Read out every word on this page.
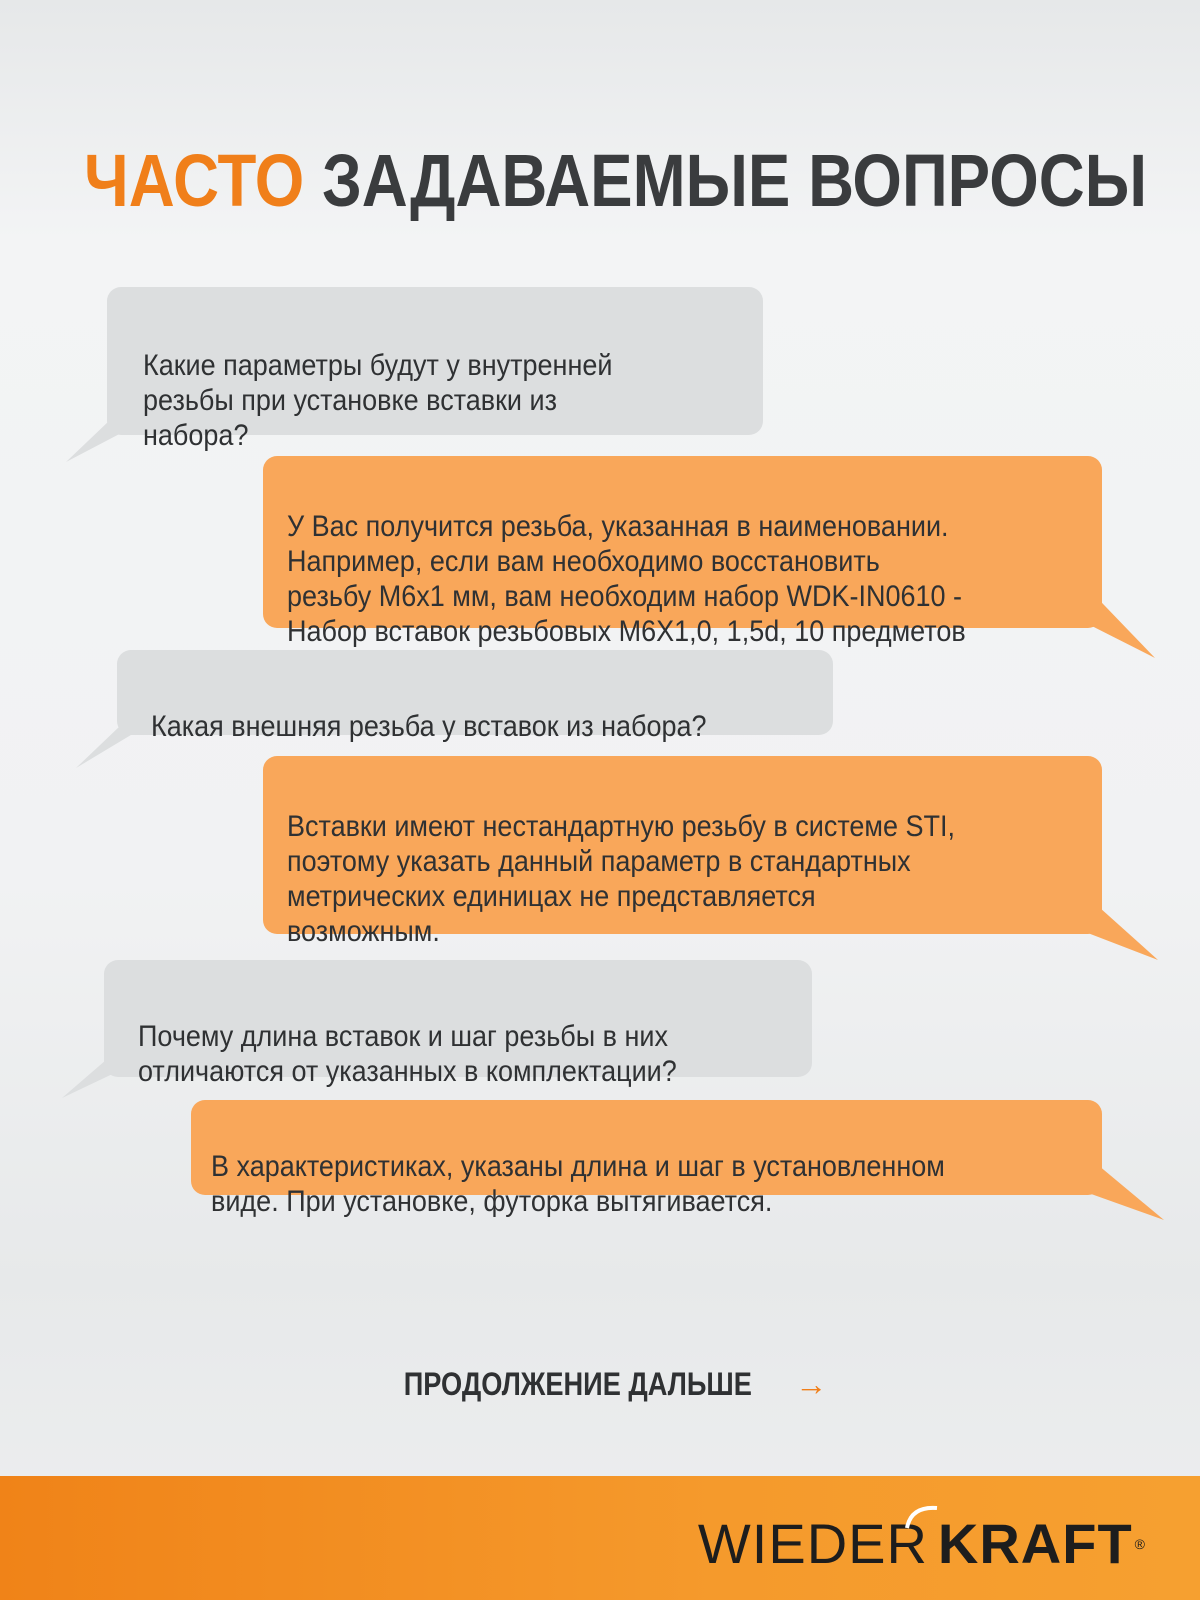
ЧАСТО ЗАДАВАЕМЫЕ ВОПРОСЫ

Какие параметры будут у внутренней
резьбы при установке вставки из
набора?

У Вас получится резьба, указанная в наименовании.
Например, если вам необходимо восстановить
резьбу М6х1 мм, вам необходим набор WDK-IN0610 -
Набор вставок резьбовых М6Х1,0, 1,5d, 10 предметов

Какая внешняя резьба у вставок из набора?

Вставки имеют нестандартную резьбу в системе STI,
поэтому указать данный параметр в стандартных
метрических единицах не представляется
возможным.

Почему длина вставок и шаг резьбы в них
отличаются от указанных в комплектации?

В характеристиках, указаны длина и шаг в установленном
виде. При установке, футорка вытягивается.

ПРОДОЛЖЕНИЕ ДАЛЬШЕ →
WIEDER KRAFT ®
